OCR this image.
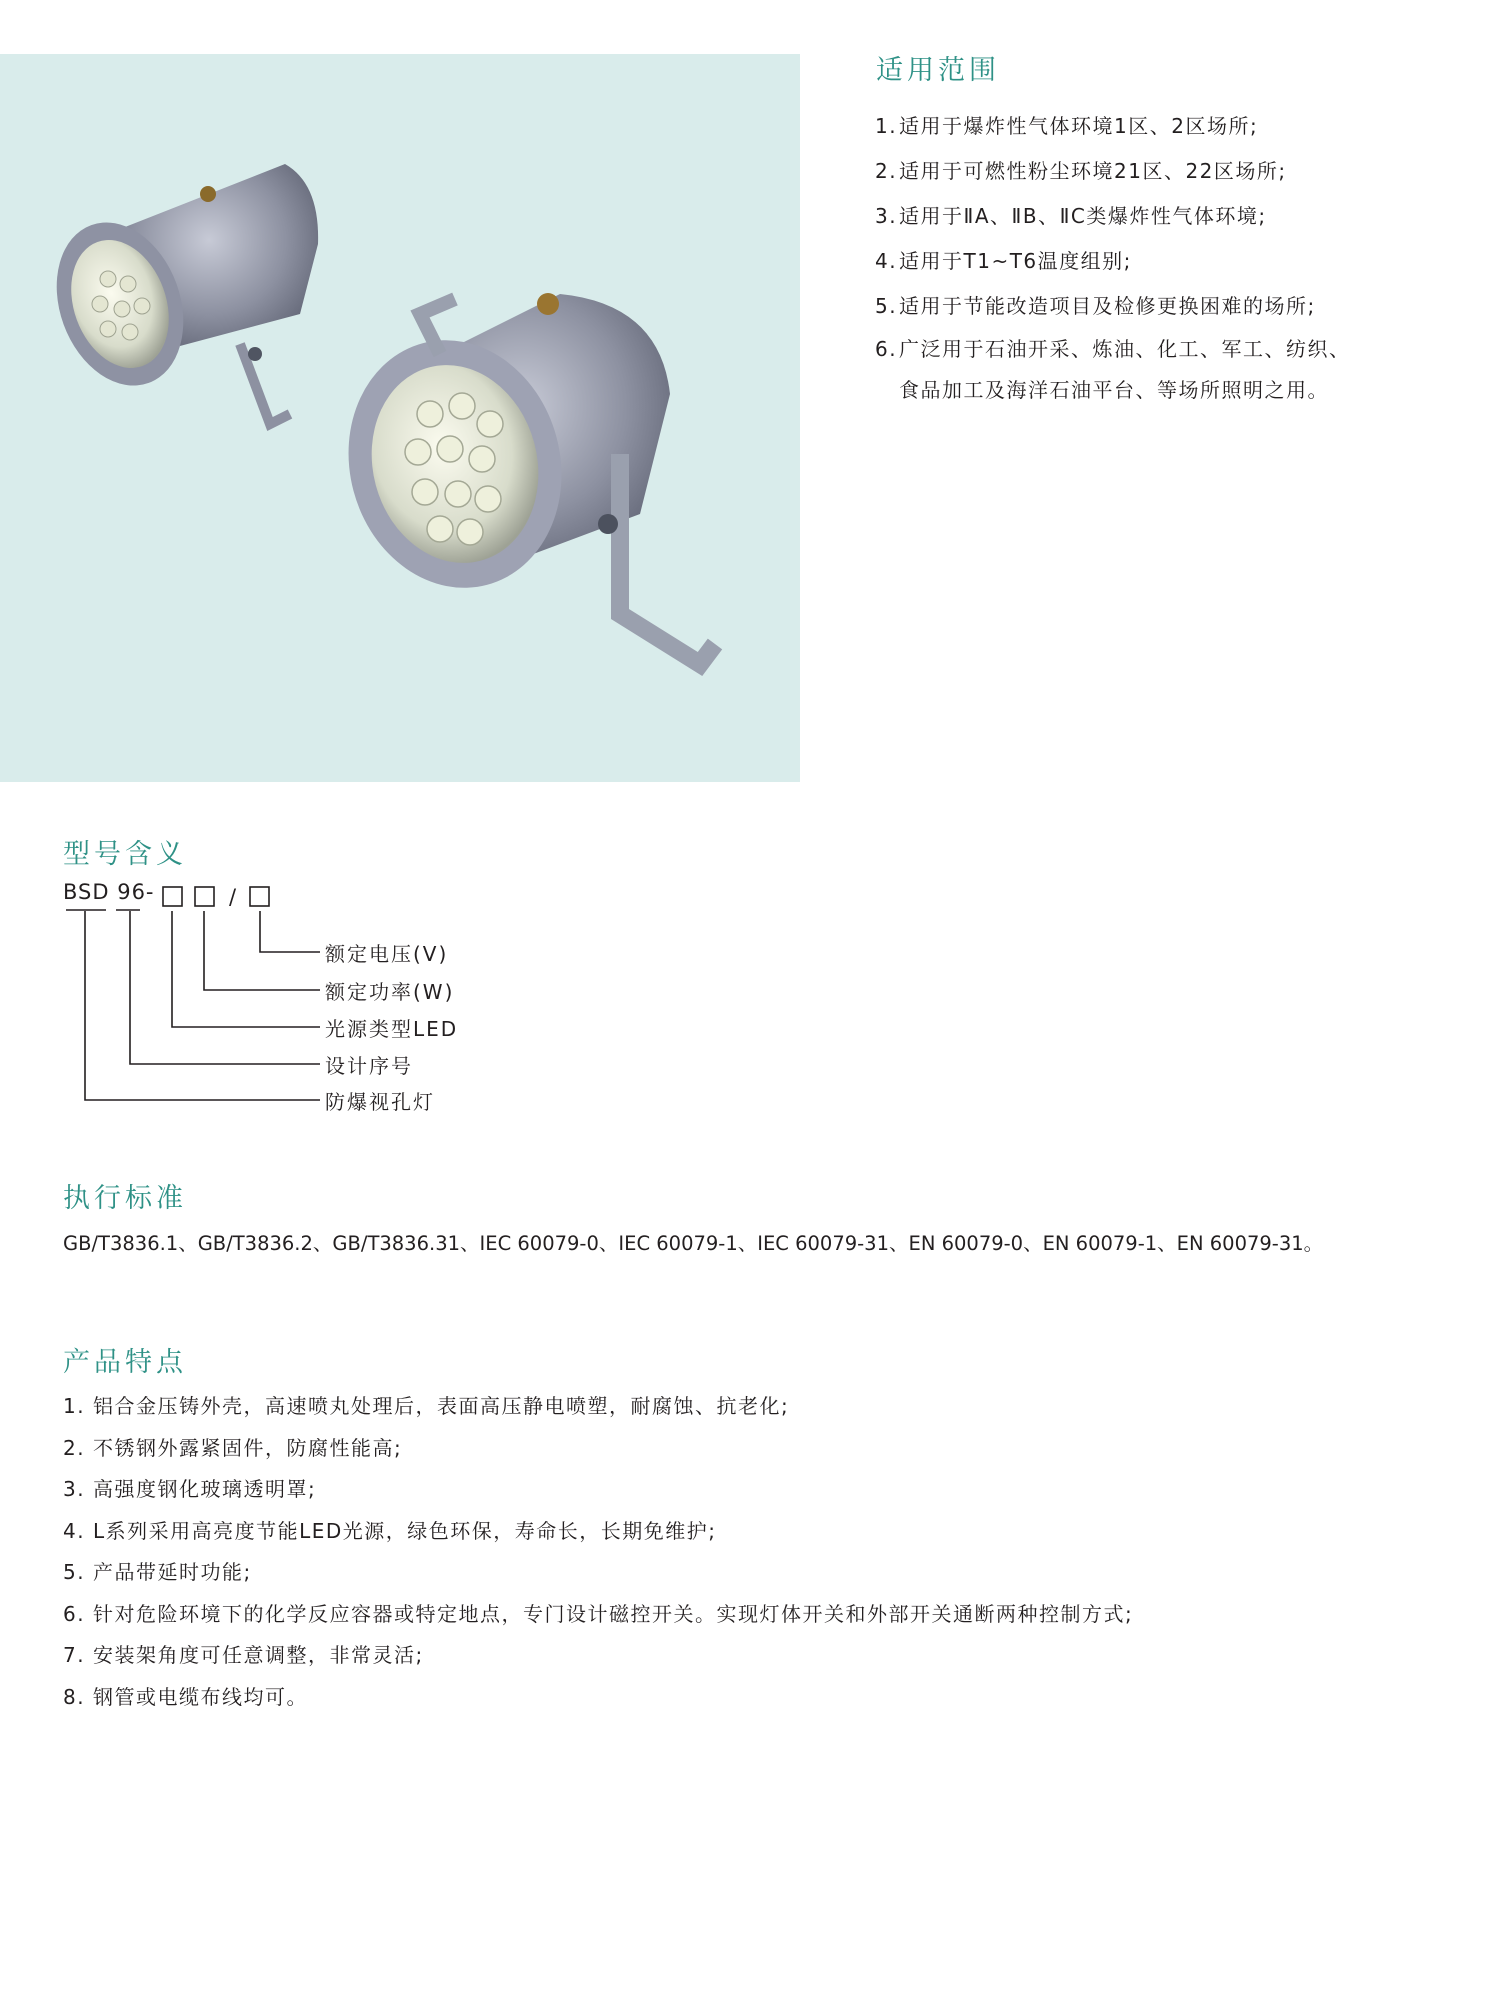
适用范围
1.适用于爆炸性气体环境1区、2区场所;
2.适用于可燃性粉尘环境21区、22区场所;
3.适用于ⅡA、ⅡB、ⅡC类爆炸性气体环境;
4.适用于T1~T6温度组别;
5.适用于节能改造项目及检修更换困难的场所;
6.广泛用于石油开采、炼油、化工、军工、纺织、
食品加工及海洋石油平台、等场所照明之用。
型号含义
BSD 96-	/
额定电压(V)
额定功率(W)
光源类型LED
设计序号
防爆视孔灯
执行标准
GB/T3836.1、GB/T3836.2、GB/T3836.31、IEC 60079-0、IEC 60079-1、IEC 60079-31、EN 60079-0、EN 60079-1、EN 60079-31。
产品特点
1. 铝合金压铸外壳，高速喷丸处理后，表面高压静电喷塑，耐腐蚀、抗老化;
2. 不锈钢外露紧固件，防腐性能高;
3. 高强度钢化玻璃透明罩;
4. L系列采用高亮度节能LED光源，绿色环保，寿命长，长期免维护;
5. 产品带延时功能;
6. 针对危险环境下的化学反应容器或特定地点，专门设计磁控开关。实现灯体开关和外部开关通断两种控制方式;
7. 安装架角度可任意调整，非常灵活;
8. 钢管或电缆布线均可。
